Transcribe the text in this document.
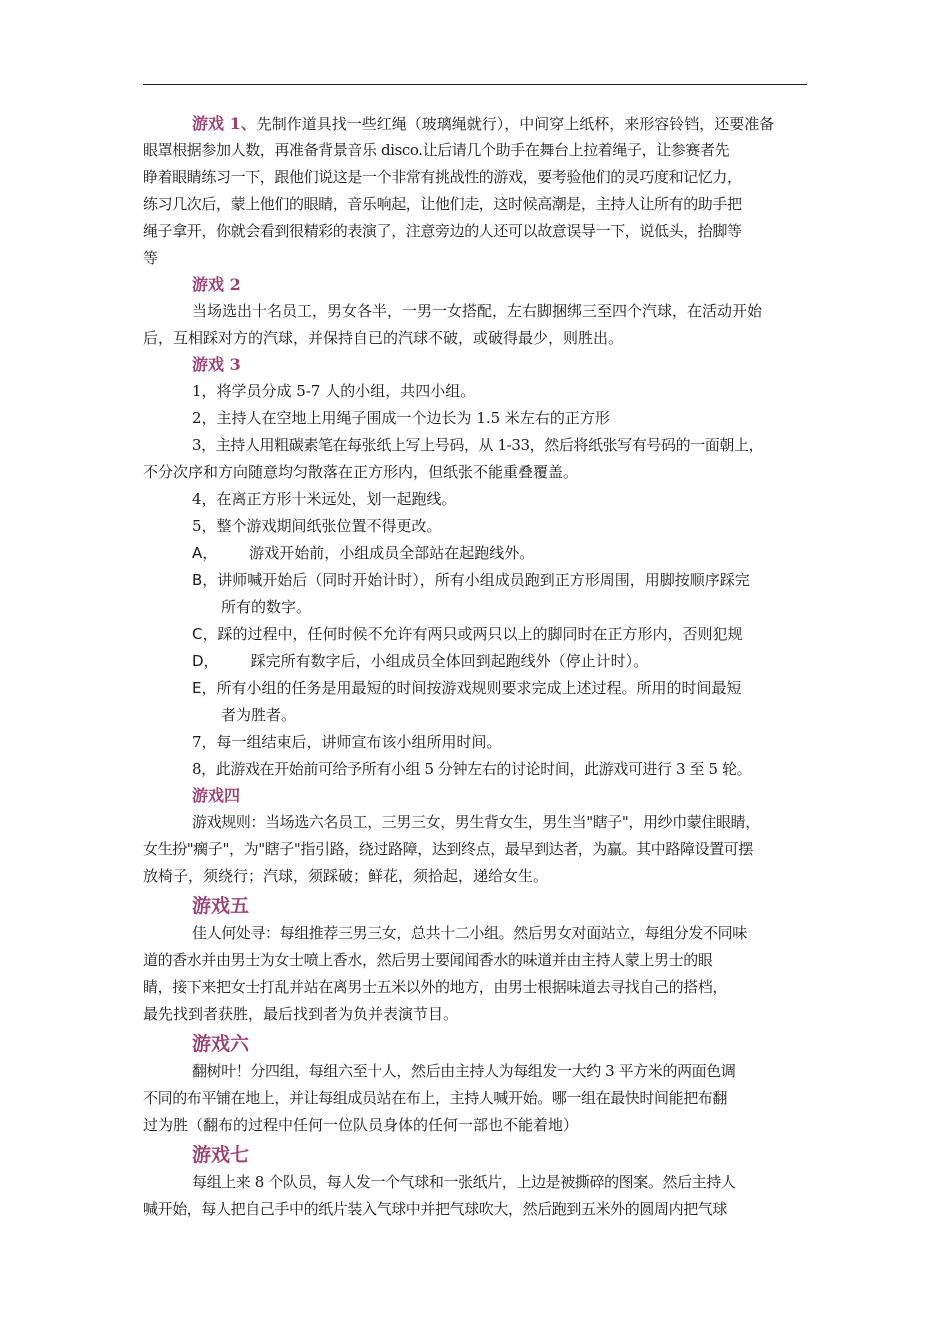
游戏 1、先制作道具找一些红绳（玻璃绳就行），中间穿上纸杯，来形容铃铛，还要准备
眼罩根据参加人数，再准备背景音乐 disco.让后请几个助手在舞台上拉着绳子，让参赛者先
睁着眼睛练习一下，跟他们说这是一个非常有挑战性的游戏，要考验他们的灵巧度和记忆力，
练习几次后，蒙上他们的眼睛，音乐响起，让他们走，这时候高潮是，主持人让所有的助手把
绳子拿开，你就会看到很精彩的表演了，注意旁边的人还可以故意误导一下，说低头，抬脚等
等
游戏 2
当场选出十名员工，男女各半，一男一女搭配，左右脚捆绑三至四个汽球，在活动开始
后，互相踩对方的汽球，并保持自已的汽球不破，或破得最少，则胜出。
游戏 3
1，将学员分成 5-7 人的小组，共四小组。
2，主持人在空地上用绳子围成一个边长为 1.5 米左右的正方形
3，主持人用粗碳素笔在每张纸上写上号码，从 1-33，然后将纸张写有号码的一面朝上，
不分次序和方向随意均匀散落在正方形内，但纸张不能重叠覆盖。
4，在离正方形十米远处，划一起跑线。
5，整个游戏期间纸张位置不得更改。
A， 游戏开始前，小组成员全部站在起跑线外。
B，讲师喊开始后（同时开始计时），所有小组成员跑到正方形周围，用脚按顺序踩完
所有的数字。
C，踩的过程中，任何时候不允许有两只或两只以上的脚同时在正方形内，否则犯规
D， 踩完所有数字后，小组成员全体回到起跑线外（停止计时）。
E，所有小组的任务是用最短的时间按游戏规则要求完成上述过程。所用的时间最短
者为胜者。
7，每一组结束后，讲师宣布该小组所用时间。
8，此游戏在开始前可给予所有小组 5 分钟左右的讨论时间，此游戏可进行 3 至 5 轮。
游戏四
游戏规则：当场选六名员工，三男三女，男生背女生，男生当"瞎子"，用纱巾蒙住眼睛，
女生扮"瘸子"，为"瞎子"指引路，绕过路障，达到终点，最早到达者，为赢。其中路障设置可摆
放椅子，须绕行；汽球，须踩破；鲜花，须拾起，递给女生。
游戏五
佳人何处寻：每组推荐三男三女，总共十二小组。然后男女对面站立，每组分发不同味
道的香水并由男士为女士喷上香水，然后男士要闻闻香水的味道并由主持人蒙上男士的眼
睛，接下来把女士打乱并站在离男士五米以外的地方，由男士根据味道去寻找自己的搭档，
最先找到者获胜，最后找到者为负并表演节目。
游戏六
翻树叶！分四组，每组六至十人，然后由主持人为每组发一大约 3 平方米的两面色调
不同的布平铺在地上，并让每组成员站在布上，主持人喊开始。哪一组在最快时间能把布翻
过为胜（翻布的过程中任何一位队员身体的任何一部也不能着地）
游戏七
每组上来 8 个队员，每人发一个气球和一张纸片，上边是被撕碎的图案。然后主持人
喊开始，每人把自己手中的纸片装入气球中并把气球吹大，然后跑到五米外的圆周内把气球
